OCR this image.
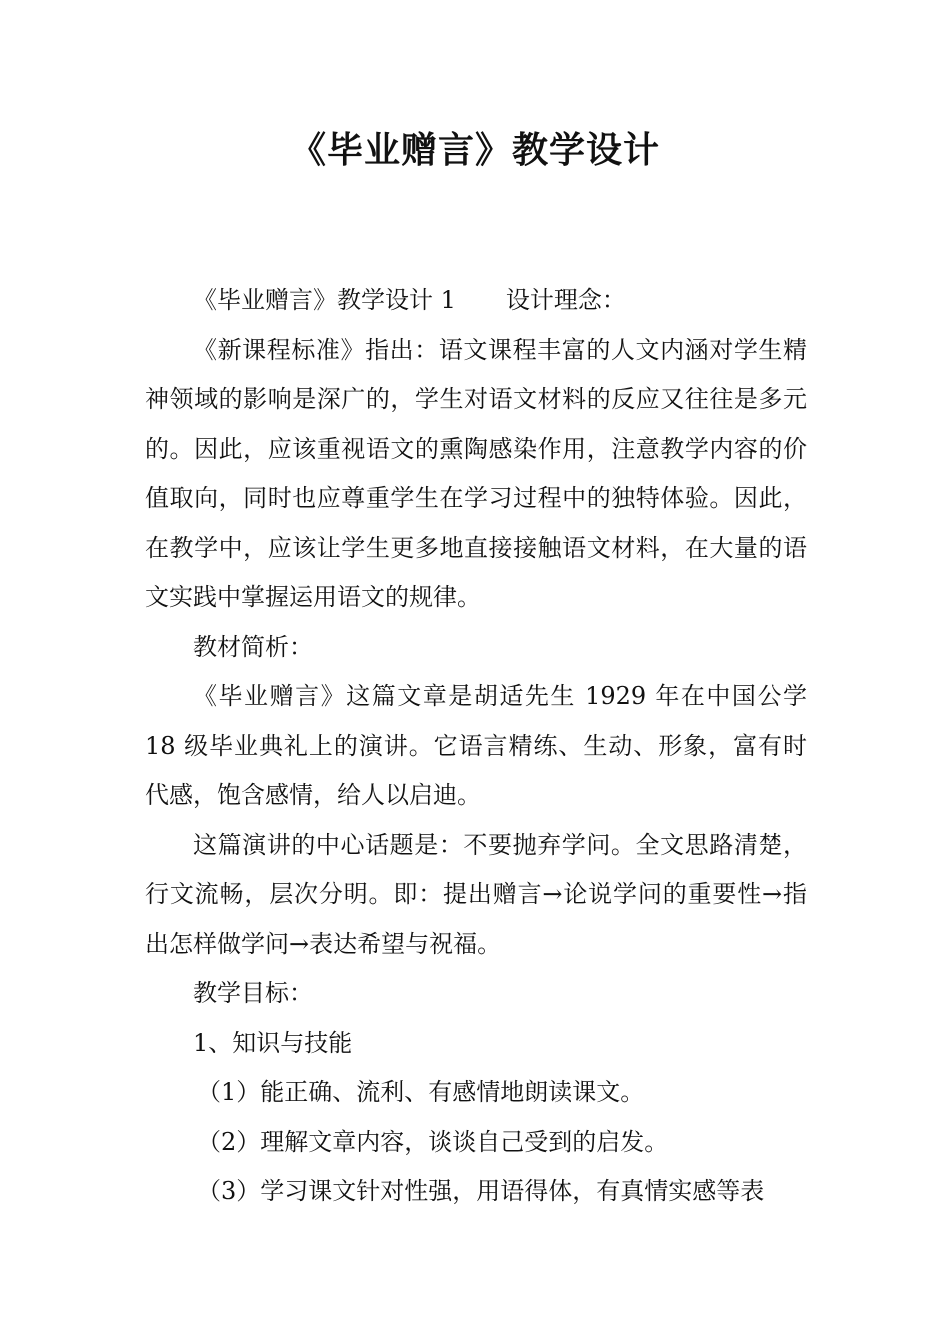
《毕业赠言》教学设计

《毕业赠言》教学设计 1 设计理念：

《新课程标准》指出：语文课程丰富的人文内涵对学生精神领域的影响是深广的，学生对语文材料的反应又往往是多元的。因此，应该重视语文的熏陶感染作用，注意教学内容的价值取向，同时也应尊重学生在学习过程中的独特体验。因此，在教学中，应该让学生更多地直接接触语文材料，在大量的语文实践中掌握运用语文的规律。

教材简析：

《毕业赠言》这篇文章是胡适先生 1929 年在中国公学 18 级毕业典礼上的演讲。它语言精练、生动、形象，富有时代感，饱含感情，给人以启迪。

这篇演讲的中心话题是：不要抛弃学问。全文思路清楚，行文流畅，层次分明。即：提出赠言→论说学问的重要性→指出怎样做学问→表达希望与祝福。

教学目标：

1、知识与技能

（1）能正确、流利、有感情地朗读课文。

（2）理解文章内容，谈谈自己受到的启发。

（3）学习课文针对性强，用语得体，有真情实感等表
